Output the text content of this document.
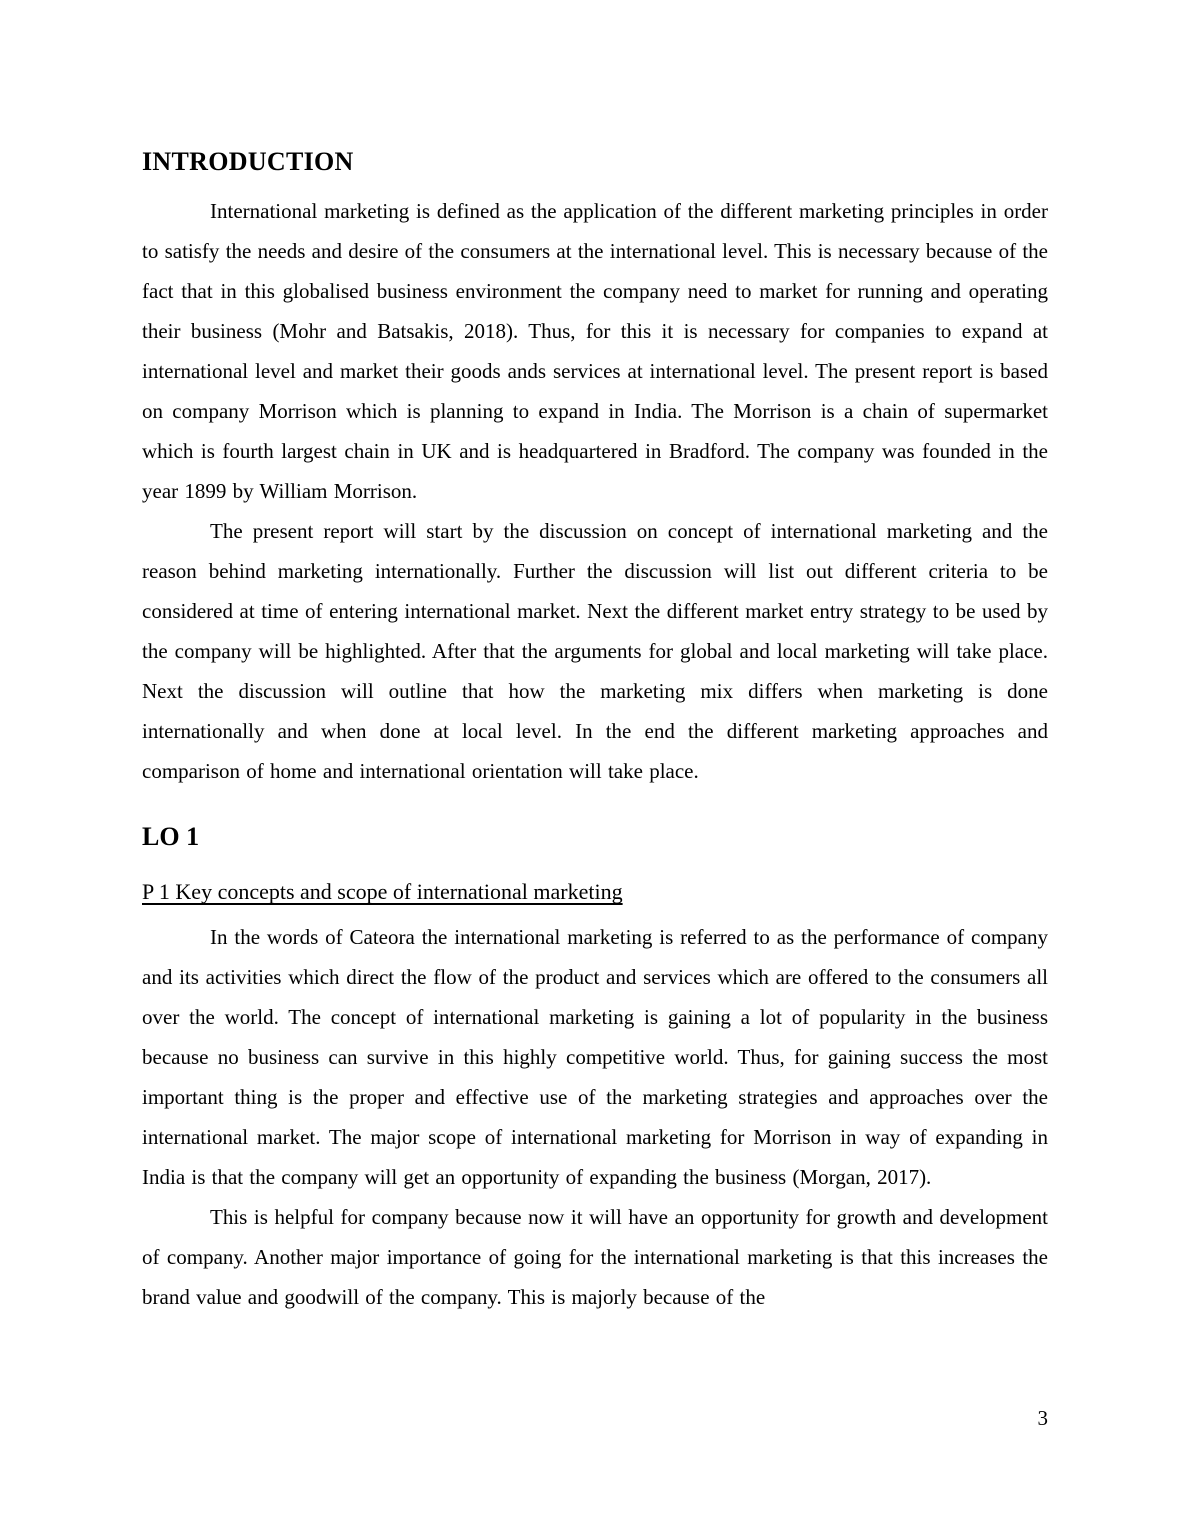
INTRODUCTION

International marketing is defined as the application of the different marketing principles in order to satisfy the needs and desire of the consumers at the international level. This is necessary because of the fact that in this globalised business environment the company need to market for running and operating their business (Mohr and Batsakis, 2018). Thus, for this it is necessary for companies to expand at international level and market their goods ands services at international level. The present report is based on company Morrison which is planning to expand in India. The Morrison is a chain of supermarket which is fourth largest chain in UK and is headquartered in Bradford. The company was founded in the year 1899 by William Morrison.

The present report will start by the discussion on concept of international marketing and the reason behind marketing internationally. Further the discussion will list out different criteria to be considered at time of entering international market. Next the different market entry strategy to be used by the company will be highlighted. After that the arguments for global and local marketing will take place. Next the discussion will outline that how the marketing mix differs when marketing is done internationally and when done at local level. In the end the different marketing approaches and comparison of home and international orientation will take place.

LO 1
P 1 Key concepts and scope of international marketing

In the words of Cateora the international marketing is referred to as the performance of company and its activities which direct the flow of the product and services which are offered to the consumers all over the world. The concept of international marketing is gaining a lot of popularity in the business because no business can survive in this highly competitive world. Thus, for gaining success the most important thing is the proper and effective use of the marketing strategies and approaches over the international market. The major scope of international marketing for Morrison in way of expanding in India is that the company will get an opportunity of expanding the business (Morgan, 2017).

This is helpful for company because now it will have an opportunity for growth and development of company. Another major importance of going for the international marketing is that this increases the brand value and goodwill of the company. This is majorly because of the

3
